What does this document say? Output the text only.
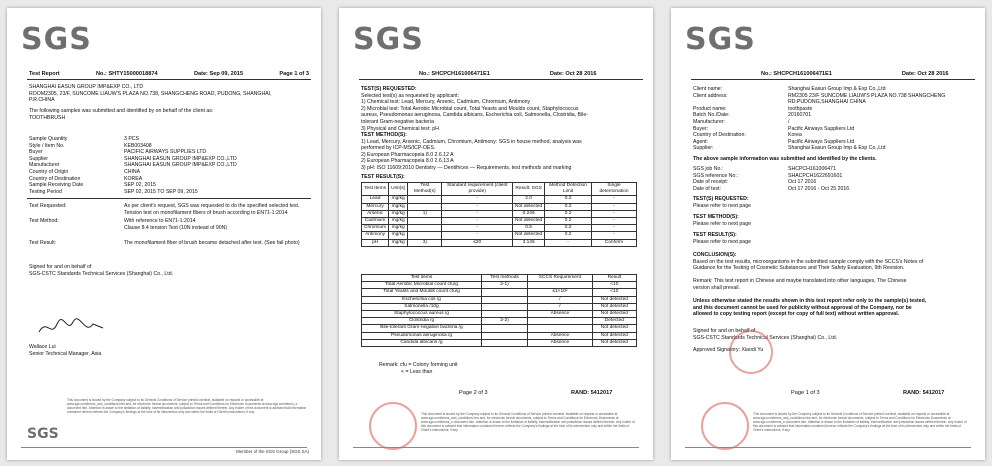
SGS
Test Report	No.: SHTY15000018874	Date: Sep 09, 2015	Page 1 of 3
SHANGHAI EASUN GROUP IMP&EXP CO., LTD
ROOM2305, 23/F, SUNCOME LIAUW'S PLAZA NO.738, SHANGCHENG ROAD, PUDONG, SHANGHAI,
P.R.CHINA
The following samples was submitted and identified by on behalf of the client as:
TOOTHBRUSH
Sample Quantity	3 PCS
Style / Item No.	KEB003408
Buyer	PACIFIC AIRWAYS SUPPLIES LTD
Supplier	SHANGHAI EASUN GROUP IMP&EXP CO.,LTD
Manufacturer	SHANGHAI EASUN GROUP IMP&EXP CO.,LTD
Country of Origin	CHINA
Country of Destination	KOREA
Sample Receiving Date	SEP 02, 2015
Testing Period	SEP 02, 2015 TO SEP 09, 2015
Test Requested:	As per client's request, SGS was requested to do the specified selected test.
Tension test on monofilament fibers of brush according to EN71-1:2014
Test Method:	With reference to EN71-1:2014
Clause 8.4 tension Test (10N instead of 90N)
Test Result:	The monofilament fiber of brush became detached after test. (See fail photo)
Signed for and on behalf of
SGS-CSTC Standards Technical Services (Shanghai) Co., Ltd.
Wallace Lui
Senior Technical Manager, Asia
SGS
This document is issued by the Company subject to its General Conditions of Service printed overleaf, available on request or accessible at www.sgs.com/terms_and_conditions.htm and, for electronic format documents, subject to Terms and Conditions for Electronic Documents at www.sgs.com/terms_e-document.htm. Attention is drawn to the limitation of liability, indemnification and jurisdiction issues defined therein. Any holder of this document is advised that information contained hereon reflects the Company's findings at the time of its intervention only and within the limits of Client's instructions, if any.
Member of the SGS Group (SGS SA)
SGS
No.: SHCPCH161006471E1	Date: Oct 28 2016
TEST(S) REQUESTED:
Selected test(s) as requested by applicant:
1) Chemical test: Lead, Mercury, Arsenic, Cadmium, Chromium, Antimony
2) Microbial test: Total Aerobic Microbial count, Total Yeasts and Moulds count, Staphylococcus
aureus, Pseudomonas aeruginosa, Candida albicans, Escherichia coli, Salmonella, Clostridia, Bile-
tolerant Gram-negative bacteria
3) Physical and Chemical test: pH
TEST METHOD(S):
1) Lead, Mercury, Arsenic, Cadmium, Chromium, Antimony: SGS in house method, analysis was
performed by ICP-MS/ICP-OES.
2) European Pharmacopeia 8.0 2.6.12 A
2) European Pharmacopeia 8.0 2.6.13 A
3) pH: ISO 11609:2010 Dentistry — Dentifrices — Requirements, test methods and marking
TEST RESULT(S):
Test Items	Unit(s)	Test Method(s)	Standard requirement (client provide)	Result: SGS	Method Detection Limit	Single determination
Lead	mg/kg		-	2.0	0.2	-
Mercury	mg/kg		-	Not detected	0.2	-
Arsenic	mg/kg	1)	-	0.246	0.2	-
Cadmium	mg/kg		-	Not detected	0.2	-
Chromium	mg/kg		-	0.5	0.2	-
Antimony	mg/kg		-	Not detected	0.2	-
pH	mg/kg	3)	≤20	3.146	-	Conform
Test items	Test methods	SCCS Requirement	Result
Total Aerobic Microbial count cfu/g	2-1)		<10
Total Yeasts and Moulds count cfu/g		≤1×10²	<10
Escherichia coli /g		/	Not detected
Salmonella /10g		/	Not detected
Staphylococcus aureus /g		Absence	Not detected
Clostridia /g	2-2)		Detected
Bile-tolerant Gram-negative bacteria /g			Not detected
Pseudomonas aeruginosa /g		Absence	Not detected
Candida albicans /g		Absence	Not detected
Remark: cfu = Colony forming unit
< = Less than
Page 2 of 3	RAND: 5412017
This document is issued by the Company subject to its General Conditions of Service printed overleaf, available on request or accessible at www.sgs.com/terms_and_conditions.htm and, for electronic format documents, subject to Terms and Conditions for Electronic Documents at www.sgs.com/terms_e-document.htm. Attention is drawn to the limitation of liability, indemnification and jurisdiction issues defined therein. Any holder of this document is advised that information contained hereon reflects the Company's findings at the time of its intervention only and within the limits of Client's instructions, if any.
SGS
No.: SHCPCH161006471E1	Date: Oct 28 2016
Client name:	Shanghai Easun Group Imp & Exp Co.,Ltd
Client address:	RM2305 23/F SUNCOME LIAUW'S PLAZA NO.738 SHANGCHENG
RD.PUDONG,SHANGHAI CHINA
Product name:	toothpaste
Batch No./Date:	20160701
Manufacturer:	/
Buyer:	Pacific Airways Suppliers Ltd
Country of Destination:	Korea
Agent:	Pacific Airways Suppliers Ltd
Supplier:	Shanghai Easun Group Imp & Exp Co.,Ltd
The above sample information was submitted and identified by the clients.
SGS job No.:	SHCPCH161006471
SGS reference No.:	SHACPCH1622691601
Date of receipt:	Oct 17 2016
Date of test:	Oct 17 2016 - Oct 25 2016
TEST(S) REQUESTED:
Please refer to next page
TEST METHOD(S):
Please refer to next page
TEST RESULT(S):
Please refer to next page
CONCLUSION(S):
Based on the test results, microorganisms in the submitted sample comply with the SCCS's Notes of
Guidance for the Testing of Cosmetic Substances and Their Safety Evaluation, 9th Revision.
Remark: This test report in Chinese and maybe translated into other languages, The Chinese
version shall prevail.
Unless otherwise stated the results shown in this test report refer only to the sample(s) tested,
and this document cannot be used for publicity without approval of the Company, nor be
allowed to copy testing report (except for copy of full text) without written approval.
Signed for and on behalf of
SGS-CSTC Standards Technical Services (Shanghai) Co., Ltd.
Approved Signatory: Xiaodi Yu
Page 1 of 3	RAND: 5412017
This document is issued by the Company subject to its General Conditions of Service printed overleaf, available on request or accessible at www.sgs.com/terms_and_conditions.htm and, for electronic format documents, subject to Terms and Conditions for Electronic Documents at www.sgs.com/terms_e-document.htm. Attention is drawn to the limitation of liability, indemnification and jurisdiction issues defined therein. Any holder of this document is advised that information contained hereon reflects the Company's findings at the time of its intervention only and within the limits of Client's instructions, if any.
